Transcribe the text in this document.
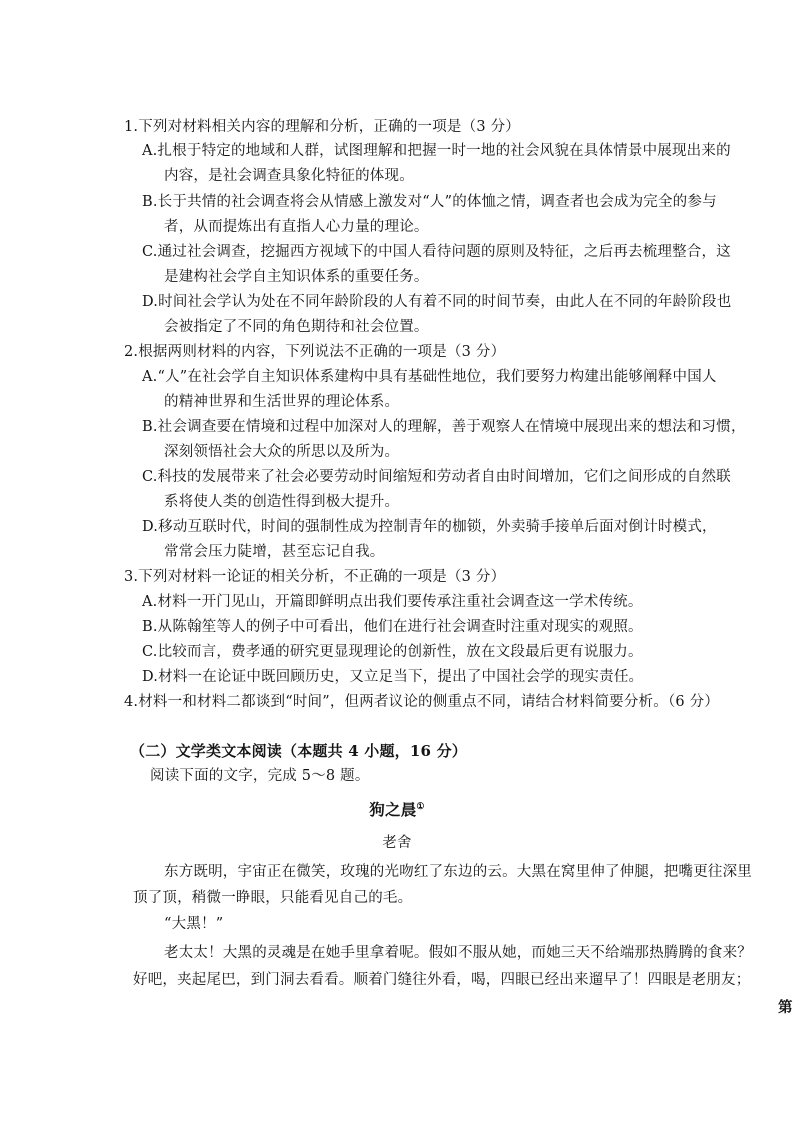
1.下列对材料相关内容的理解和分析，正确的一项是（3 分）
A.扎根于特定的地域和人群，试图理解和把握一时一地的社会风貌在具体情景中展现出来的
内容，是社会调查具象化特征的体现。
B.长于共情的社会调查将会从情感上激发对“人”的体恤之情，调查者也会成为完全的参与
者，从而提炼出有直指人心力量的理论。
C.通过社会调查，挖掘西方视域下的中国人看待问题的原则及特征，之后再去梳理整合，这
是建构社会学自主知识体系的重要任务。
D.时间社会学认为处在不同年龄阶段的人有着不同的时间节奏，由此人在不同的年龄阶段也
会被指定了不同的角色期待和社会位置。
2.根据两则材料的内容，下列说法不正确的一项是（3 分）
A.“人”在社会学自主知识体系建构中具有基础性地位，我们要努力构建出能够阐释中国人
的精神世界和生活世界的理论体系。
B.社会调查要在情境和过程中加深对人的理解，善于观察人在情境中展现出来的想法和习惯，
深刻领悟社会大众的所思以及所为。
C.科技的发展带来了社会必要劳动时间缩短和劳动者自由时间增加，它们之间形成的自然联
系将使人类的创造性得到极大提升。
D.移动互联时代，时间的强制性成为控制青年的枷锁，外卖骑手接单后面对倒计时模式，
常常会压力陡增，甚至忘记自我。
3.下列对材料一论证的相关分析，不正确的一项是（3 分）
A.材料一开门见山，开篇即鲜明点出我们要传承注重社会调查这一学术传统。
B.从陈翰笙等人的例子中可看出，他们在进行社会调查时注重对现实的观照。
C.比较而言，费孝通的研究更显现理论的创新性，放在文段最后更有说服力。
D.材料一在论证中既回顾历史，又立足当下，提出了中国社会学的现实责任。
4.材料一和材料二都谈到“时间”，但两者议论的侧重点不同，请结合材料简要分析。（6 分）
（二）文学类文本阅读（本题共 4 小题，16 分）
阅读下面的文字，完成 5～8 题。
狗之晨①
老舍
东方既明，宇宙正在微笑，玫瑰的光吻红了东边的云。大黑在窝里伸了伸腿，把嘴更往深里
顶了顶，稍微一睁眼，只能看见自己的毛。
“大黑！”
老太太！大黑的灵魂是在她手里拿着呢。假如不服从她，而她三天不给端那热腾腾的食来？
好吧，夹起尾巴，到门洞去看看。顺着门缝往外看，喝，四眼已经出来遛早了！四眼是老朋友；
第
